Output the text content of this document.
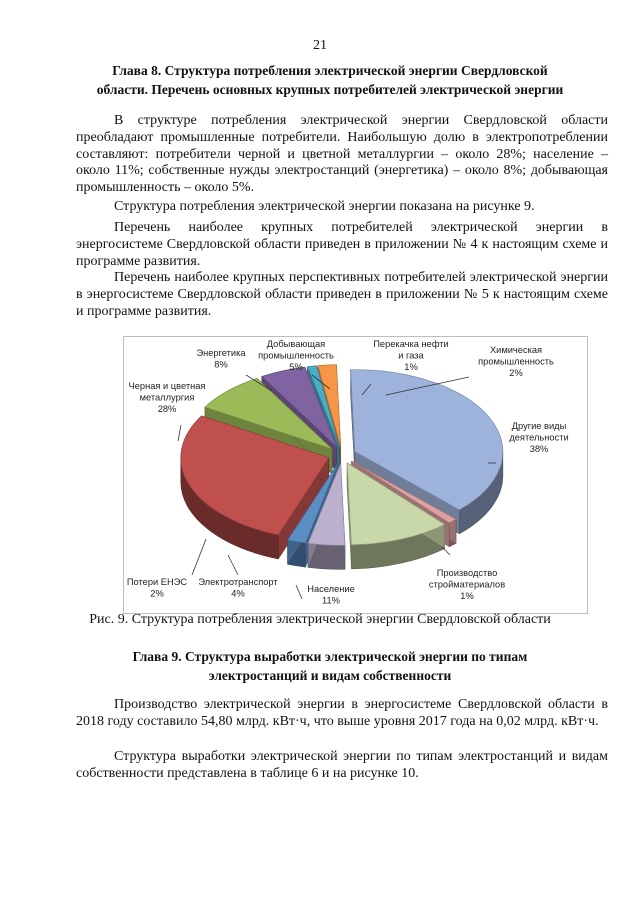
21
Глава 8. Структура потребления электрической энергии Свердловской
области. Перечень основных крупных потребителей электрической энергии

В структуре потребления электрической энергии Свердловской области преобладают промышленные потребители. Наибольшую долю в электропотреблении составляют: потребители черной и цветной металлургии – около 28%; население – около 11%; собственные нужды электростанций (энергетика) – около 8%; добывающая промышленность – около 5%.

Структура потребления электрической энергии показана на рисунке 9.

Перечень наиболее крупных потребителей электрической энергии в энергосистеме Свердловской области приведен в приложении № 4 к настоящим схеме и программе развития.

Перечень наиболее крупных перспективных потребителей электрической энергии в энергосистеме Свердловской области приведен в приложении № 5 к настоящим схеме и программе развития.

Другие виды деятельности 38%
Производство стройматериалов 1%
Население 11%
Электротранспорт 4%
Потери ЕНЭС 2%
Черная и цветная металлургия 28%
Энергетика 8%
Добывающая промышленность 5%
Перекачка нефти и газа 1%
Химическая промышленность 2%
Рис. 9. Структура потребления электрической энергии Свердловской области
Глава 9. Структура выработки электрической энергии по типам
электростанций и видам собственности

Производство электрической энергии в энергосистеме Свердловской области в 2018 году составило 54,80 млрд. кВт·ч, что выше уровня 2017 года на 0,02 млрд. кВт·ч.

Структура выработки электрической энергии по типам электростанций и видам собственности представлена в таблице 6 и на рисунке 10.
